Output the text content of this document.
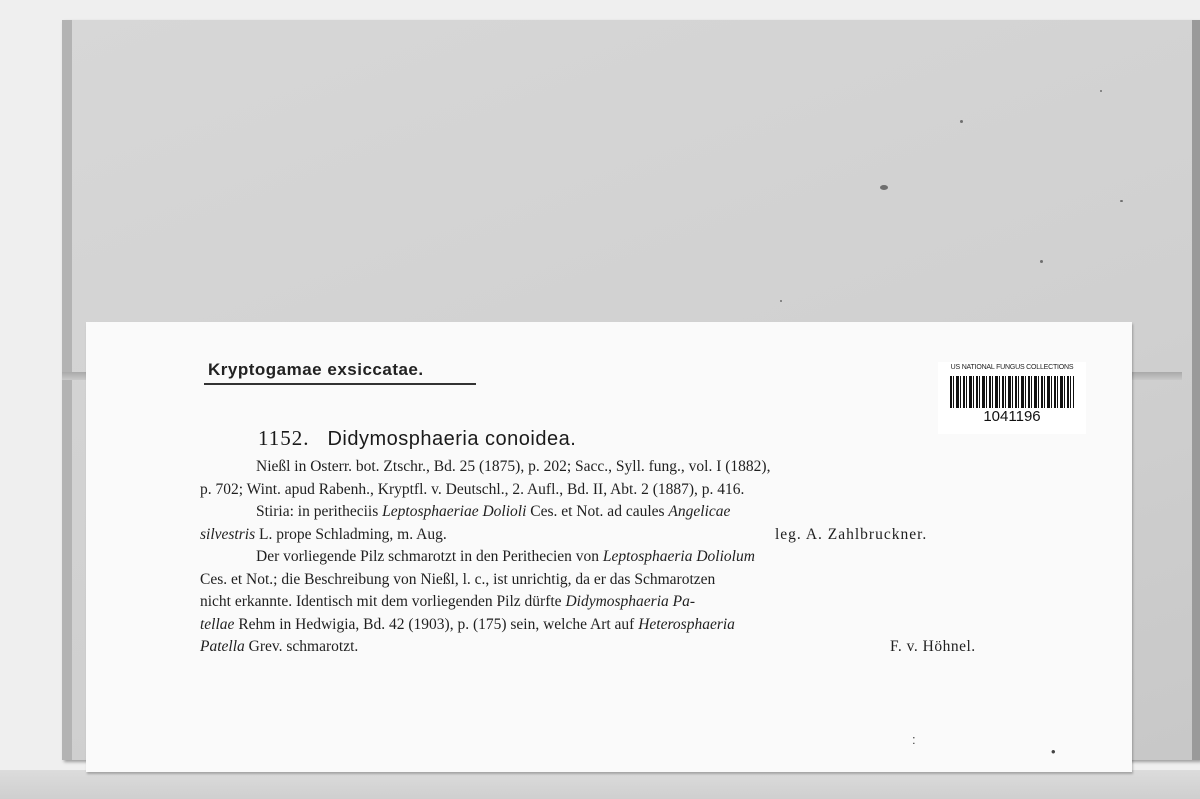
Kryptogamae exsiccatae.	US NATIONAL FUNGUS COLLECTIONS
1041196
1152. Didymosphaeria conoidea.
Nießl in Osterr. bot. Ztschr., Bd. 25 (1875), p. 202; Sacc., Syll. fung., vol. I (1882),
p. 702; Wint. apud Rabenh., Kryptfl. v. Deutschl., 2. Aufl., Bd. II, Abt. 2 (1887), p. 416.
Stiria: in peritheciis Leptosphaeriae Dolioli Ces. et Not. ad caules Angelicae
silvestris L. prope Schladming, m. Aug.	leg. A. Zahlbruckner.
Der vorliegende Pilz schmarotzt in den Perithecien von Leptosphaeria Doliolum
Ces. et Not.; die Beschreibung von Nießl, l. c., ist unrichtig, da er das Schmarotzen
nicht erkannte. Identisch mit dem vorliegenden Pilz dürfte Didymosphaeria Pa-
tellae Rehm in Hedwigia, Bd. 42 (1903), p. (175) sein, welche Art auf Heterosphaeria
Patella Grev. schmarotzt.	F. v. Höhnel.
:
•
